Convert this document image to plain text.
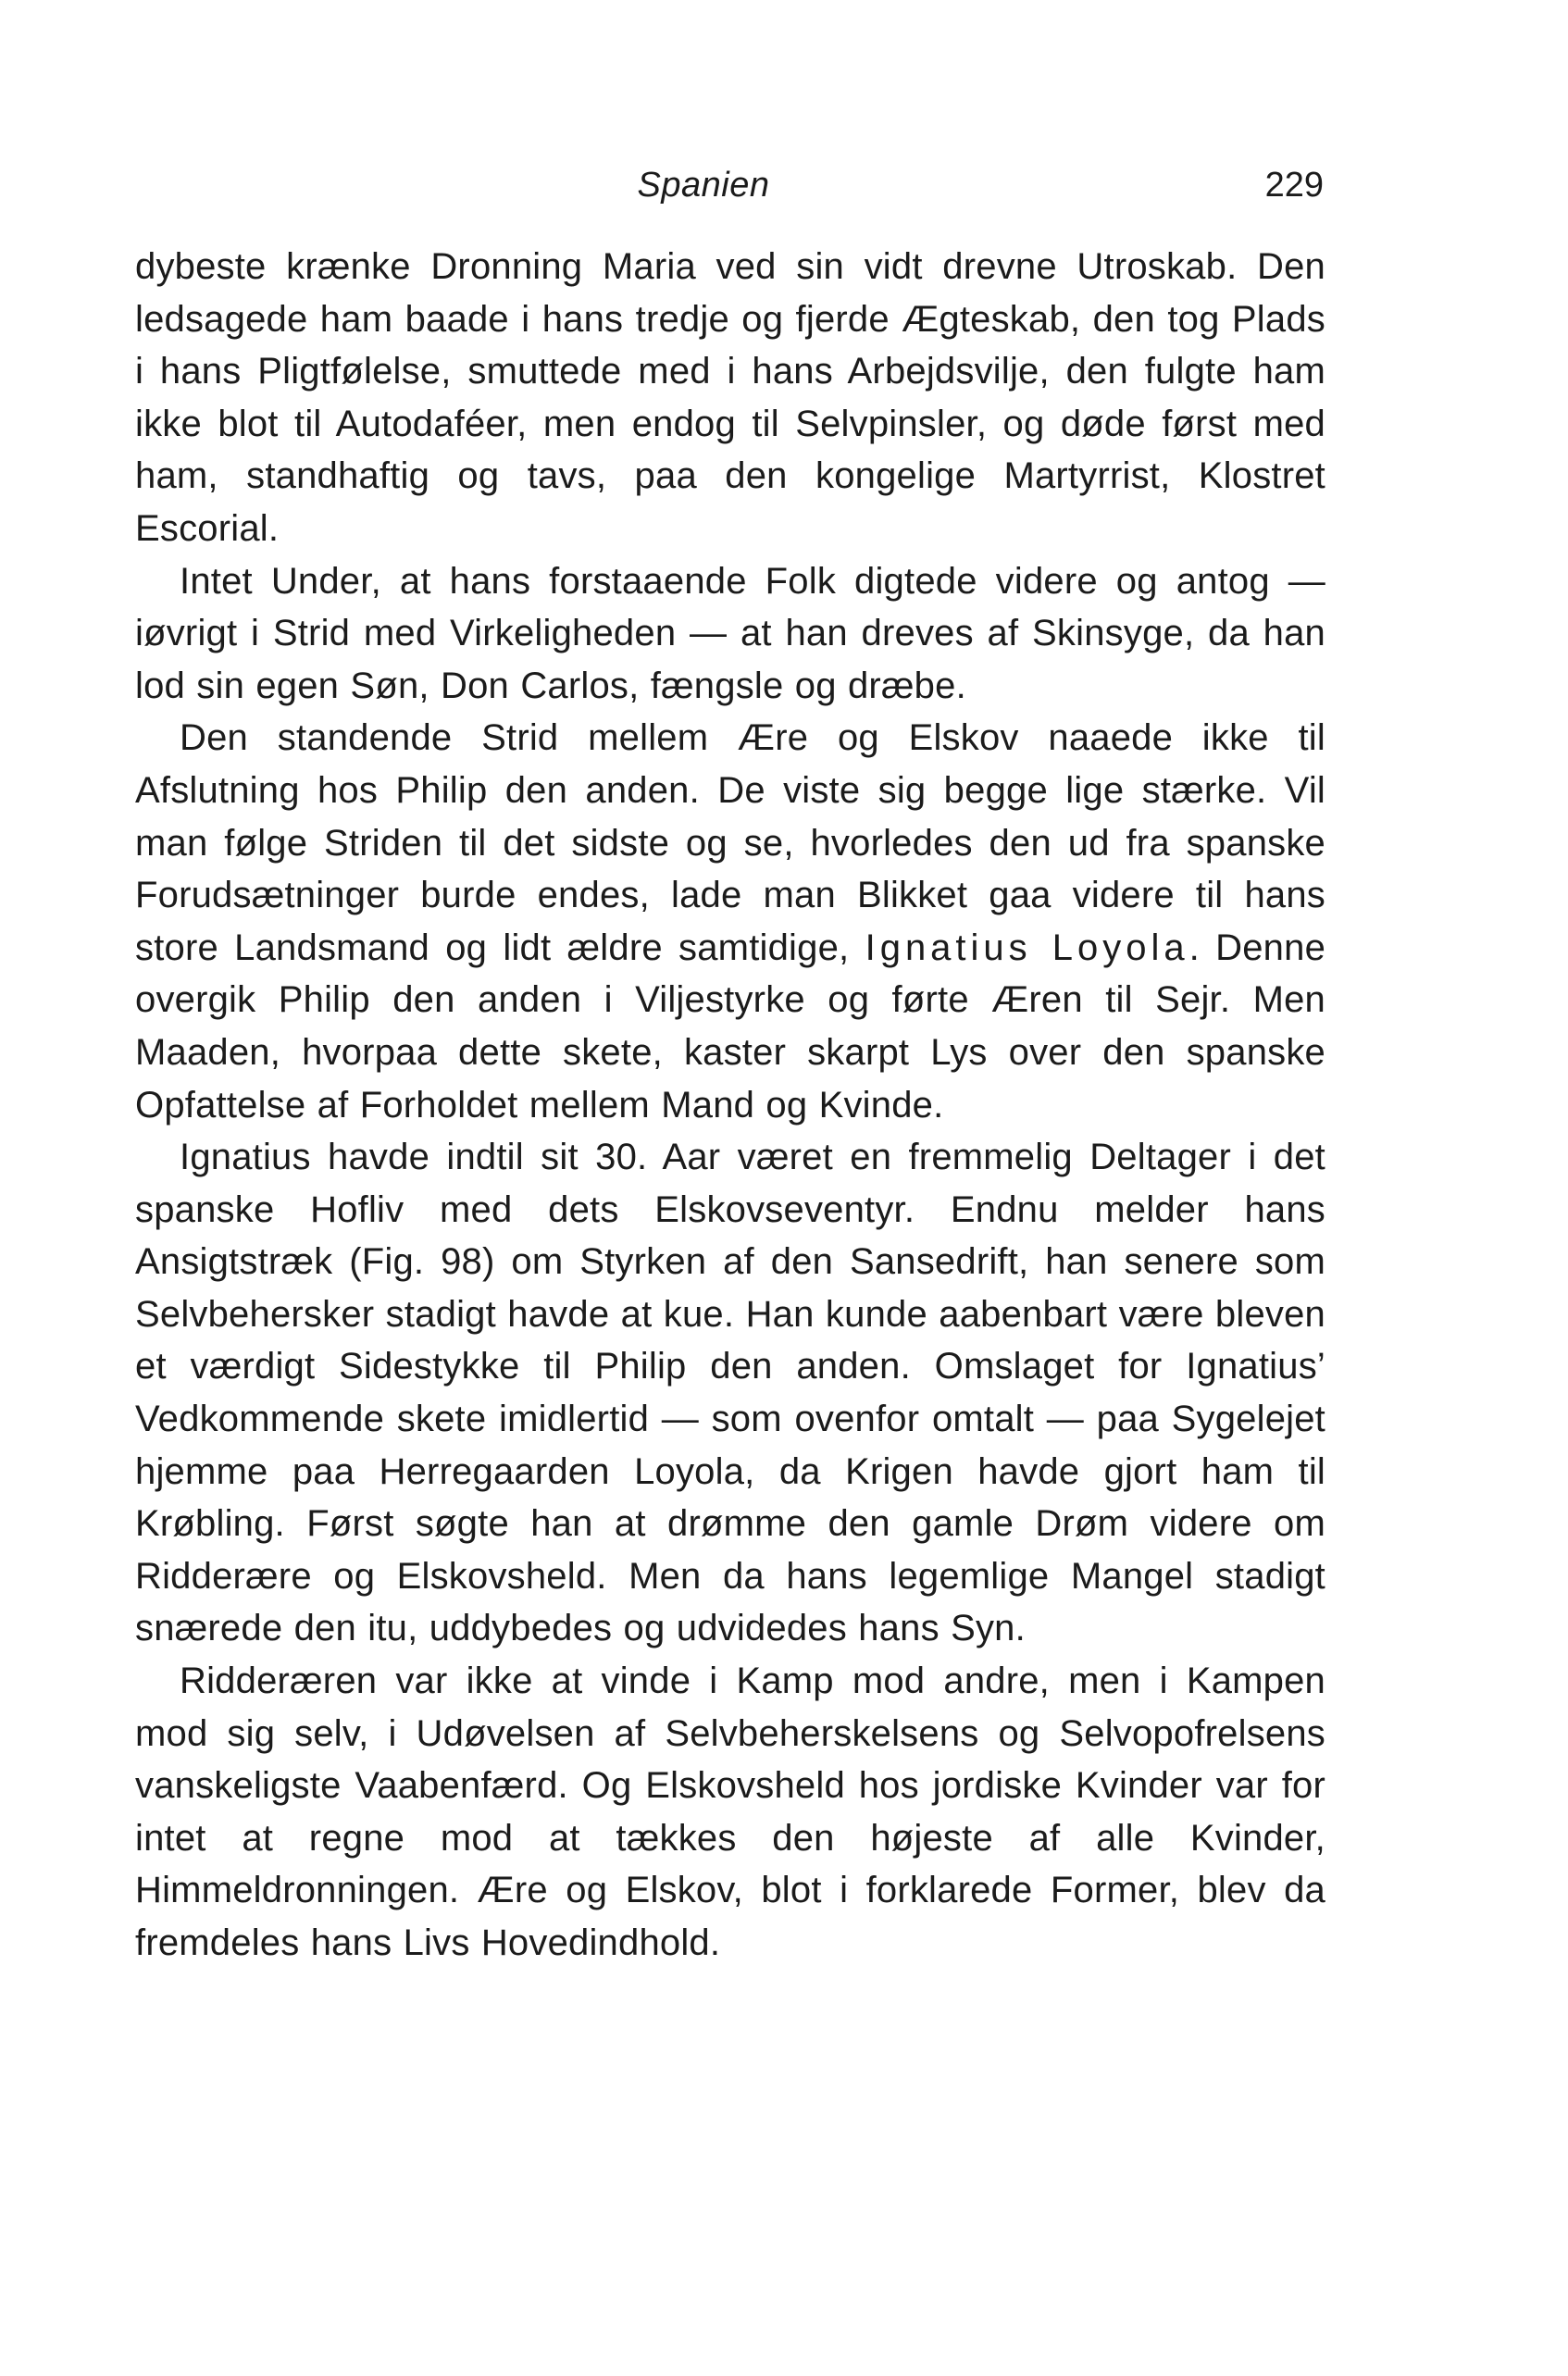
Spanien	229

dybeste krænke Dronning Maria ved sin vidt drevne Utroskab. Den ledsagede ham baade i hans tredje og fjerde Ægteskab, den tog Plads i hans Pligtfølelse, smuttede med i hans Arbejdsvilje, den fulgte ham ikke blot til Autodaféer, men endog til Selvpinsler, og døde først med ham, standhaftig og tavs, paa den kongelige Martyrrist, Klostret Escorial.

Intet Under, at hans forstaaende Folk digtede videre og antog — iøvrigt i Strid med Virkeligheden — at han dreves af Skinsyge, da han lod sin egen Søn, Don Carlos, fængsle og dræbe.

Den standende Strid mellem Ære og Elskov naaede ikke til Afslutning hos Philip den anden. De viste sig begge lige stærke. Vil man følge Striden til det sidste og se, hvorledes den ud fra spanske Forudsætninger burde endes, lade man Blikket gaa videre til hans store Landsmand og lidt ældre samtidige, Ignatius Loyola. Denne overgik Philip den anden i Viljestyrke og førte Æren til Sejr. Men Maaden, hvorpaa dette skete, kaster skarpt Lys over den spanske Opfattelse af Forholdet mellem Mand og Kvinde.

Ignatius havde indtil sit 30. Aar været en fremmelig Deltager i det spanske Hofliv med dets Elskovseventyr. Endnu melder hans Ansigtstræk (Fig. 98) om Styrken af den Sansedrift, han senere som Selvbehersker stadigt havde at kue. Han kunde aabenbart være bleven et værdigt Sidestykke til Philip den anden. Omslaget for Ignatius’ Vedkommende skete imidlertid — som ovenfor omtalt — paa Sygelejet hjemme paa Herregaarden Loyola, da Krigen havde gjort ham til Krøbling. Først søgte han at drømme den gamle Drøm videre om Ridderære og Elskovsheld. Men da hans legemlige Mangel stadigt snærede den itu, uddybedes og udvidedes hans Syn.

Ridderæren var ikke at vinde i Kamp mod andre, men i Kampen mod sig selv, i Udøvelsen af Selvbeherskelsens og Selvopofrelsens vanskeligste Vaabenfærd. Og Elskovsheld hos jordiske Kvinder var for intet at regne mod at tækkes den højeste af alle Kvinder, Himmeldronningen. Ære og Elskov, blot i forklarede Former, blev da fremdeles hans Livs Hovedindhold.
